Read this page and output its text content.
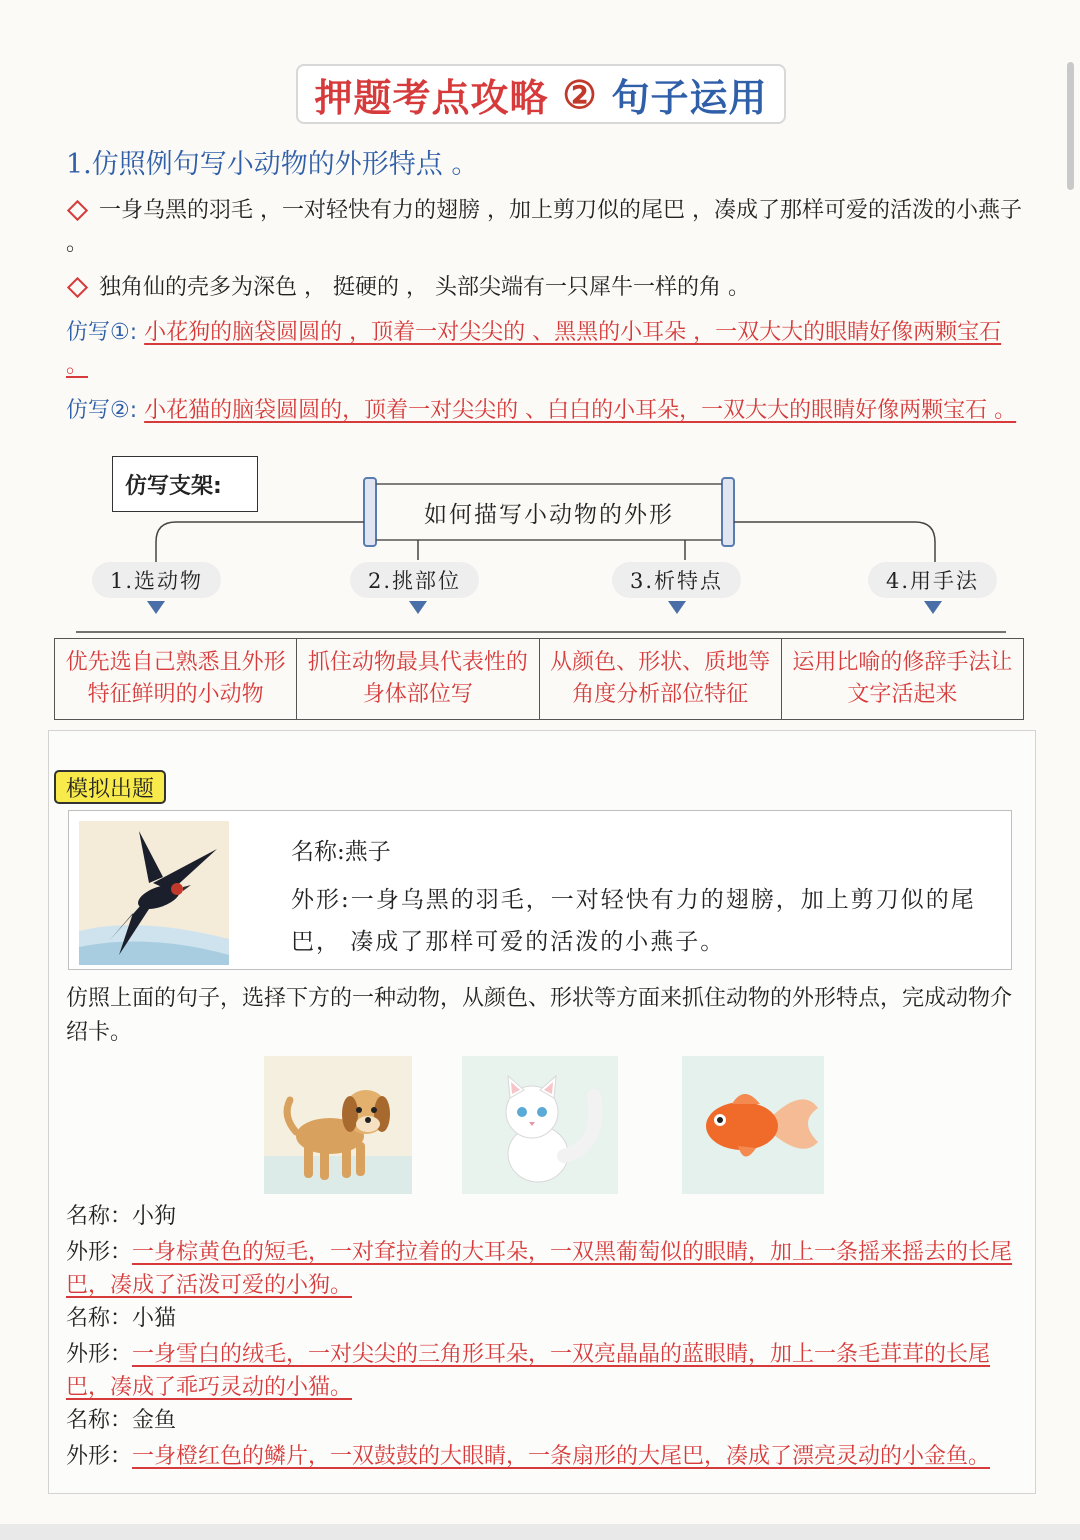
押题考点攻略 ② 句子运用
1.仿照例句写小动物的外形特点 。
一身乌黑的羽毛 ，一对轻快有力的翅膀 ，加上剪刀似的尾巴 ，凑成了那样可爱的活泼的小燕子 。
独角仙的壳多为深色 ， 挺硬的 ， 头部尖端有一只犀牛一样的角 。
仿写①: 小花狗的脑袋圆圆的 ，顶着一对尖尖的 、黑黑的小耳朵 ，一双大大的眼睛好像两颗宝石 。
仿写②: 小花猫的脑袋圆圆的，顶着一对尖尖的 、白白的小耳朵，一双大大的眼睛好像两颗宝石 。
仿写支架:
如何描写小动物的外形
1.选动物	2.挑部位	3.析特点	4.用手法
优先选自己熟悉且外形特征鲜明的小动物	抓住动物最具代表性的身体部位写	从颜色、形状、质地等角度分析部位特征	运用比喻的修辞手法让文字活起来
模拟出题
名称:燕子
外形:一身乌黑的羽毛，一对轻快有力的翅膀，加上剪刀似的尾巴， 凑成了那样可爱的活泼的小燕子。
仿照上面的句子，选择下方的一种动物，从颜色、形状等方面来抓住动物的外形特点，完成动物介绍卡。
名称：小狗
外形：一身棕黄色的短毛，一对耷拉着的大耳朵，一双黑葡萄似的眼睛，加上一条摇来摇去的长尾巴，凑成了活泼可爱的小狗。
名称：小猫
外形：一身雪白的绒毛，一对尖尖的三角形耳朵，一双亮晶晶的蓝眼睛，加上一条毛茸茸的长尾巴，凑成了乖巧灵动的小猫。
名称：金鱼
外形：一身橙红色的鳞片，一双鼓鼓的大眼睛，一条扇形的大尾巴，凑成了漂亮灵动的小金鱼。
